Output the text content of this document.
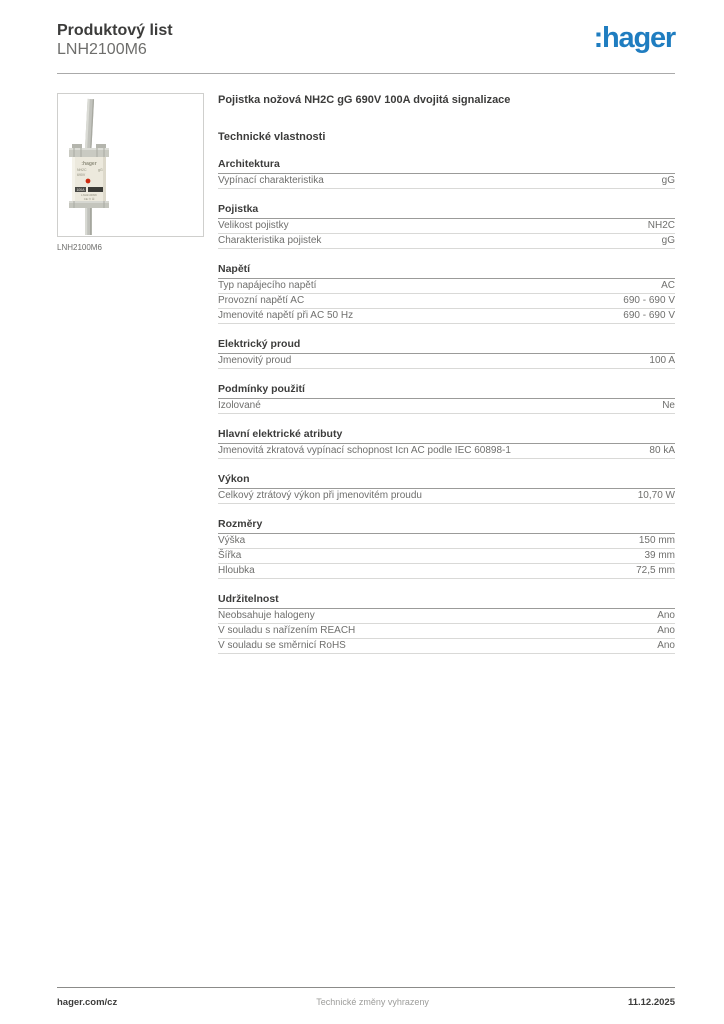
Produktový list
LNH2100M6	:hager
:hager
NH2C	gG
690V
100A
LNH2100M6
CE ⏻ ▣
LNH2100M6
Pojistka nožová NH2C gG 690V 100A dvojitá signalizace
Technické vlastnosti
Architektura
Vypínací charakteristika	gG
Pojistka
Velikost pojistky	NH2C
Charakteristika pojistek	gG
Napětí
Typ napájecího napětí	AC
Provozní napětí AC	690 - 690 V
Jmenovité napětí při AC 50 Hz	690 - 690 V
Elektrický proud
Jmenovitý proud	100 A
Podmínky použití
Izolované	Ne
Hlavní elektrické atributy
Jmenovitá zkratová vypínací schopnost Icn AC podle IEC 60898-1	80 kA
Výkon
Celkový ztrátový výkon při jmenovitém proudu	10,70 W
Rozměry
Výška	150 mm
Šířka	39 mm
Hloubka	72,5 mm
Udržitelnost
Neobsahuje halogeny	Ano
V souladu s nařízením REACH	Ano
V souladu se směrnicí RoHS	Ano
hager.com/cz	Technické změny vyhrazeny	11.12.2025
